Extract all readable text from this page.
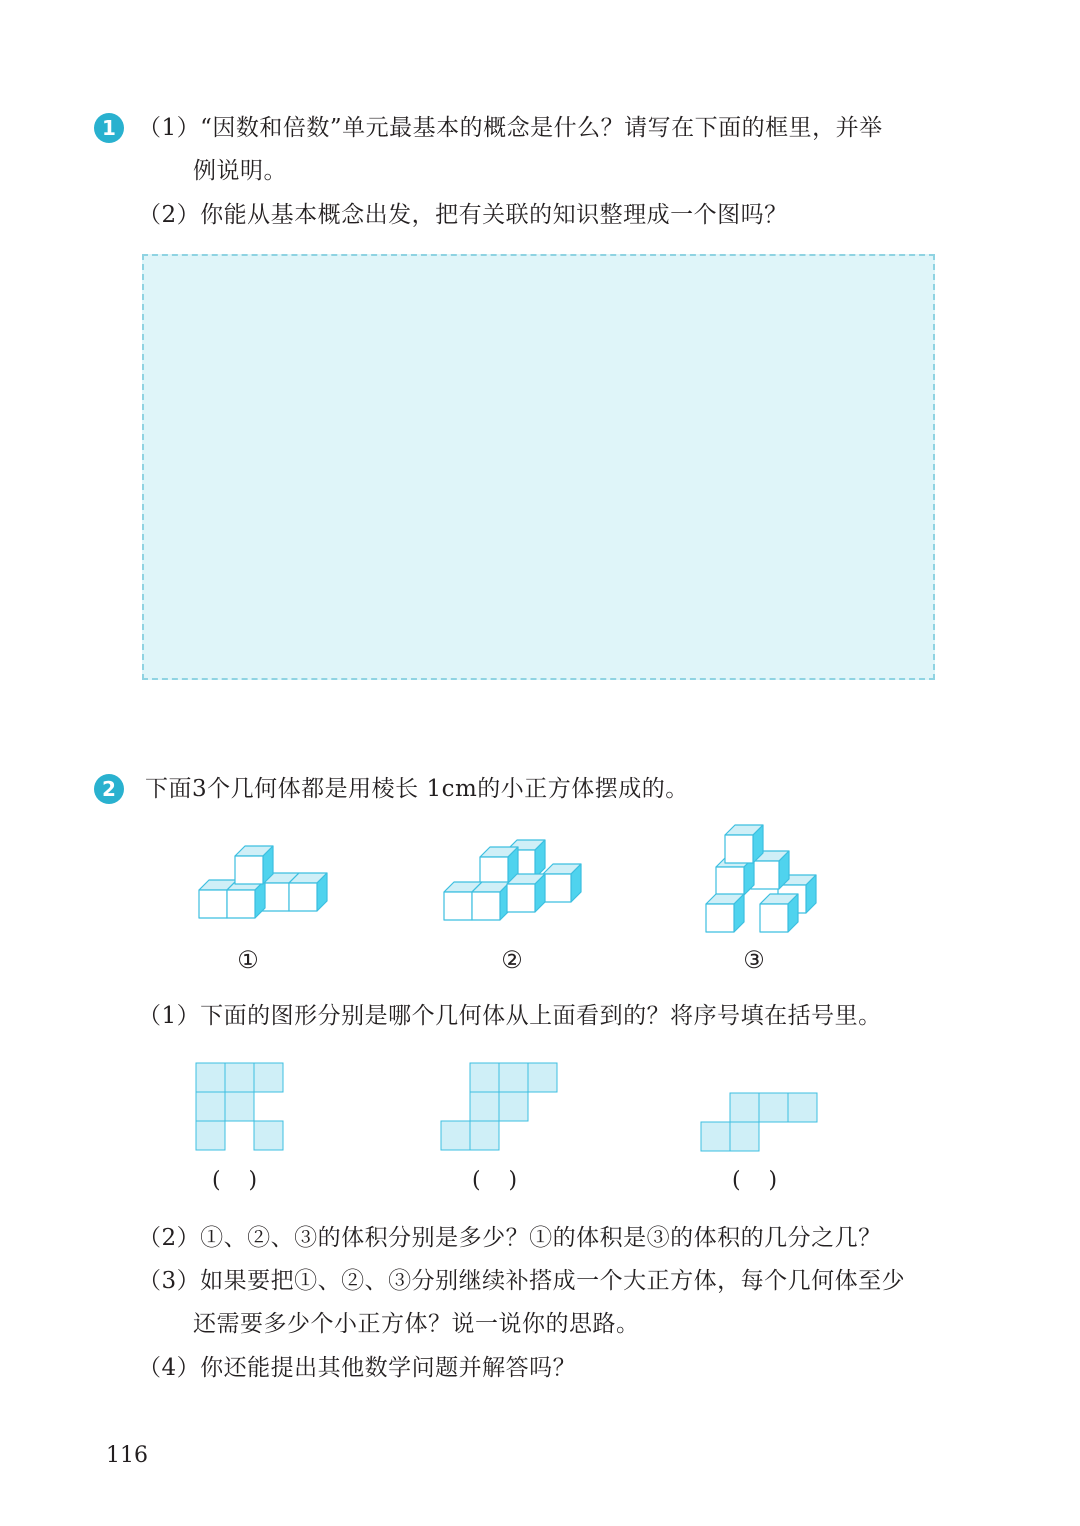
1 （1）“因数和倍数”单元最基本的概念是什么？请写在下面的框里，并举
例说明。
（2）你能从基本概念出发，把有关联的知识整理成一个图吗？
2	下面3个几何体都是用棱长 1cm的小正方体摆成的。
①	②	③
（1）下面的图形分别是哪个几何体从上面看到的？将序号填在括号里。
(    )	(    )	(    )
（2）①、②、③的体积分别是多少？①的体积是③的体积的几分之几？
（3）如果要把①、②、③分别继续补搭成一个大正方体，每个几何体至少
还需要多少个小正方体？说一说你的思路。
（4）你还能提出其他数学问题并解答吗？
116
